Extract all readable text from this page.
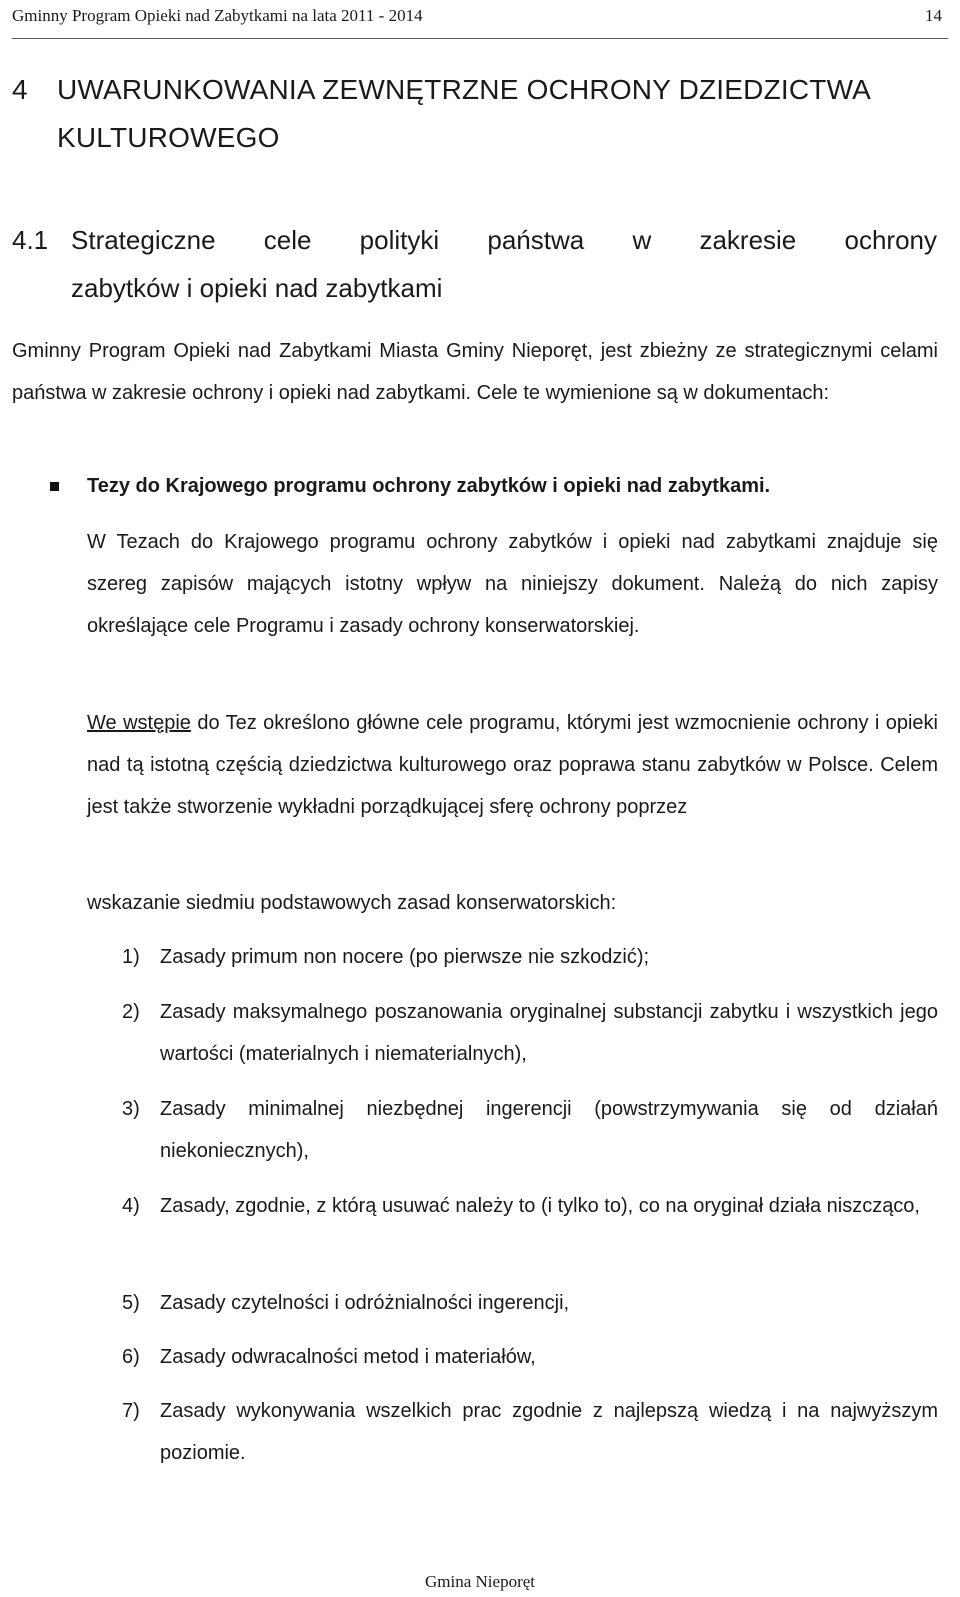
Gminny Program Opieki nad Zabytkami na lata 2011 - 2014	14
4 UWARUNKOWANIA ZEWNĘTRZNE OCHRONY DZIEDZICTWA
KULTUROWEGO
4.1 Strategiczne cele polityki państwa w zakresie ochrony
zabytków i opieki nad zabytkami
Gminny Program Opieki nad Zabytkami Miasta Gminy Nieporęt, jest zbieżny ze strategicznymi celami państwa w zakresie ochrony i opieki nad zabytkami. Cele te wymienione są w dokumentach:
Tezy do Krajowego programu ochrony zabytków i opieki nad zabytkami.
W Tezach do Krajowego programu ochrony zabytków i opieki nad zabytkami znajduje się szereg zapisów mających istotny wpływ na niniejszy dokument. Należą do nich zapisy określające cele Programu i zasady ochrony konserwatorskiej.
We wstępie do Tez określono główne cele programu, którymi jest wzmocnienie ochrony i opieki nad tą istotną częścią dziedzictwa kulturowego oraz poprawa stanu zabytków w Polsce. Celem jest także stworzenie wykładni porządkującej sferę ochrony poprzez
wskazanie siedmiu podstawowych zasad konserwatorskich:
1) Zasady primum non nocere (po pierwsze nie szkodzić);
2) Zasady maksymalnego poszanowania oryginalnej substancji zabytku i wszystkich jego wartości (materialnych i niematerialnych),
3) Zasady minimalnej niezbędnej ingerencji (powstrzymywania się od działań niekoniecznych),
4) Zasady, zgodnie, z którą usuwać należy to (i tylko to), co na oryginał działa niszcząco,
5) Zasady czytelności i odróżnialności ingerencji,
6) Zasady odwracalności metod i materiałów,
7) Zasady wykonywania wszelkich prac zgodnie z najlepszą wiedzą i na najwyższym poziomie.
Gmina Nieporęt
